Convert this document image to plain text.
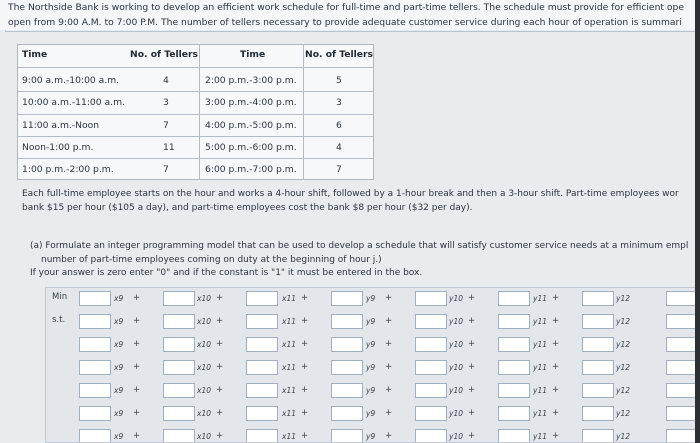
The Northside Bank is working to develop an efficient work schedule for full-time and part-time tellers. The schedule must provide for efficient ope
open from 9:00 A.M. to 7:00 P.M. The number of tellers necessary to provide adequate customer service during each hour of operation is summari
Time	No. of Tellers	Time	No. of Tellers
9:00 a.m.-10:00 a.m.	4	2:00 p.m.-3:00 p.m.	5
10:00 a.m.-11:00 a.m.	3	3:00 p.m.-4:00 p.m.	3
11:00 a.m.-Noon	7	4:00 p.m.-5:00 p.m.	6
Noon-1:00 p.m.	11	5:00 p.m.-6:00 p.m.	4
1:00 p.m.-2:00 p.m.	7	6:00 p.m.-7:00 p.m.	7
Each full-time employee starts on the hour and works a 4-hour shift, followed by a 1-hour break and then a 3-hour shift. Part-time employees wor
bank $15 per hour ($105 a day), and part-time employees cost the bank $8 per hour ($32 per day).
(a) Formulate an integer programming model that can be used to develop a schedule that will satisfy customer service needs at a minimum empl
number of part-time employees coming on duty at the beginning of hour j.)
If your answer is zero enter "0" and if the constant is "1" it must be entered in the box.
Min
s.t.
x9 +	x10 +	x11 +	y9 +	y10 +	y11 +	y12
x9 +	x10 +	x11 +	y9 +	y10 +	y11 +	y12
x9 +	x10 +	x11 +	y9 +	y10 +	y11 +	y12
x9 +	x10 +	x11 +	y9 +	y10 +	y11 +	y12
x9 +	x10 +	x11 +	y9 +	y10 +	y11 +	y12
x9 +	x10 +	x11 +	y9 +	y10 +	y11 +	y12
x9 +	x10 +	x11 +	y9 +	y10 +	y11 +	y12
